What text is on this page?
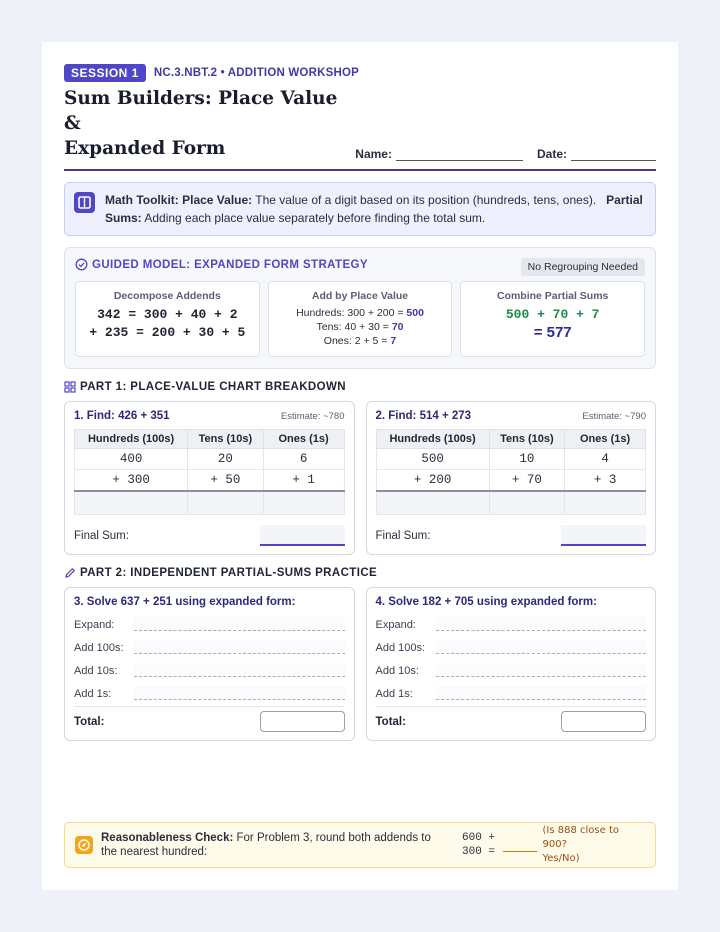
SESSION 1	NC.3.NBT.2 • ADDITION WORKSHOP
Sum Builders: Place Value &
Expanded Form	Name:	Date:
Math Toolkit: Place Value: The value of a digit based on its position (hundreds, tens, ones). Partial Sums: Adding each place value separately before finding the total sum.
GUIDED MODEL: EXPANDED FORM STRATEGY	No Regrouping Needed
Decompose Addends
342 = 300 + 40 + 2
+ 235 = 200 + 30 + 5
Add by Place Value
Hundreds: 300 + 200 = 500
Tens: 40 + 30 = 70
Ones: 2 + 5 = 7
Combine Partial Sums
500 + 70 + 7
= 577
PART 1: PLACE-VALUE CHART BREAKDOWN
1. Find: 426 + 351	Estimate: ~780
Hundreds (100s)	Tens (10s)	Ones (1s)
400	20	6
+ 300	+ 50	+ 1

Final Sum:
2. Find: 514 + 273	Estimate: ~790
Hundreds (100s)	Tens (10s)	Ones (1s)
500	10	4
+ 200	+ 70	+ 3

Final Sum:
PART 2: INDEPENDENT PARTIAL-SUMS PRACTICE
3. Solve 637 + 251 using expanded form:
Expand:
Add 100s:
Add 10s:
Add 1s:
Total:
4. Solve 182 + 705 using expanded form:
Expand:
Add 100s:
Add 10s:
Add 1s:
Total:
Reasonableness Check: For Problem 3, round both addends to the nearest hundred:
600 +
300 =
(Is 888 close to 900?
Yes/No)
